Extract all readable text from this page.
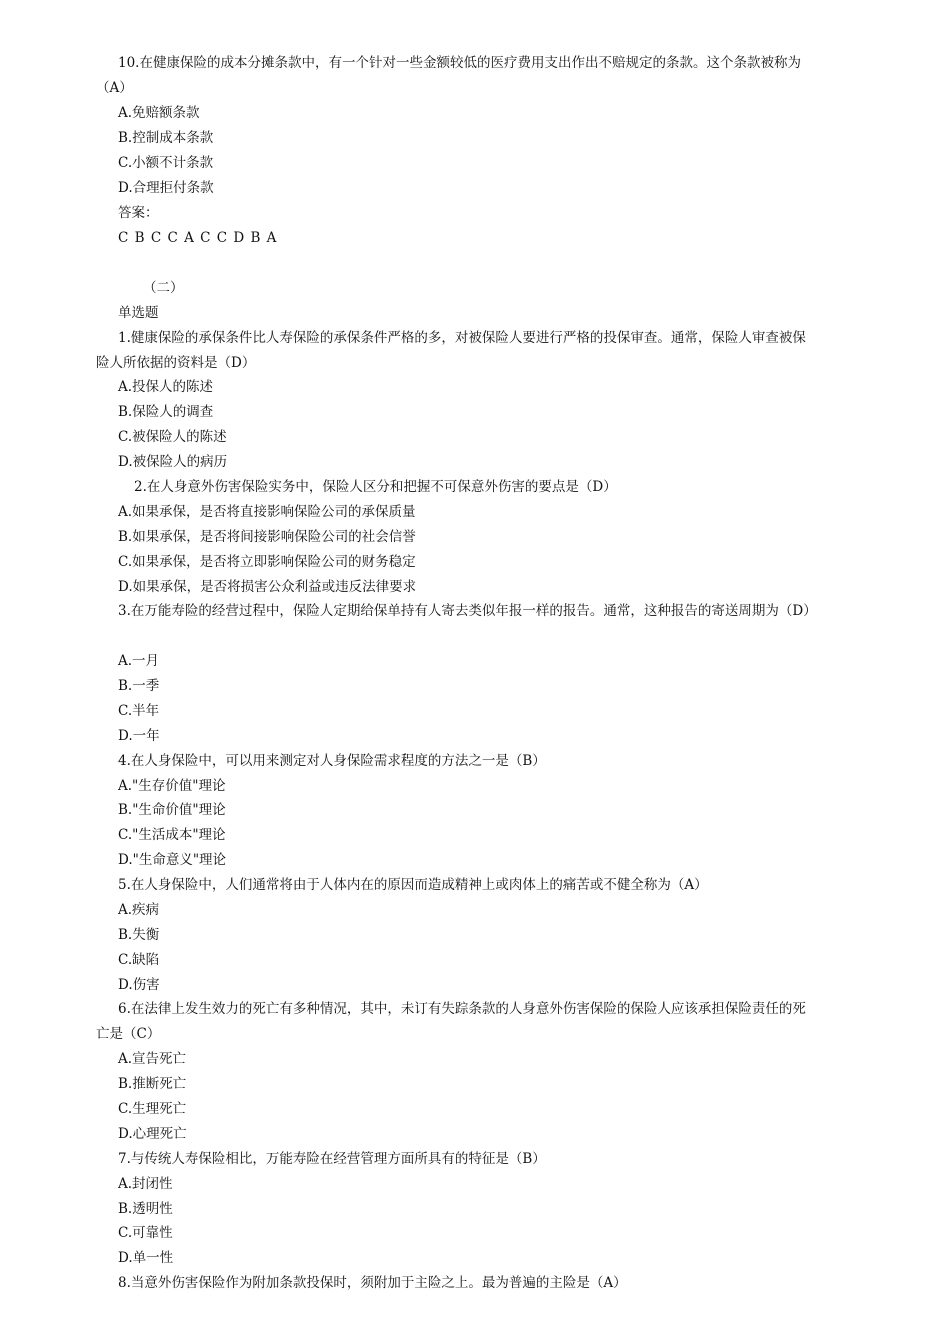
10.在健康保险的成本分摊条款中，有一个针对一些金额较低的医疗费用支出作出不赔规定的条款。这个条款被称为
（A）
A.免赔额条款
B.控制成本条款
C.小额不计条款
D.合理拒付条款
答案：
C B C C A C C D B A
（二）
单选题
1.健康保险的承保条件比人寿保险的承保条件严格的多，对被保险人要进行严格的投保审查。通常，保险人审查被保
险人所依据的资料是（D）
A.投保人的陈述
B.保险人的调查
C.被保险人的陈述
D.被保险人的病历
2.在人身意外伤害保险实务中，保险人区分和把握不可保意外伤害的要点是（D）
A.如果承保，是否将直接影响保险公司的承保质量
B.如果承保，是否将间接影响保险公司的社会信誉
C.如果承保，是否将立即影响保险公司的财务稳定
D.如果承保，是否将损害公众利益或违反法律要求
3.在万能寿险的经营过程中，保险人定期给保单持有人寄去类似年报一样的报告。通常，这种报告的寄送周期为（D）
A.一月
B.一季
C.半年
D.一年
4.在人身保险中，可以用来测定对人身保险需求程度的方法之一是（B）
A."生存价值"理论
B."生命价值"理论
C."生活成本"理论
D."生命意义"理论
5.在人身保险中，人们通常将由于人体内在的原因而造成精神上或肉体上的痛苦或不健全称为（A）
A.疾病
B.失衡
C.缺陷
D.伤害
6.在法律上发生效力的死亡有多种情况，其中，未订有失踪条款的人身意外伤害保险的保险人应该承担保险责任的死
亡是（C）
A.宣告死亡
B.推断死亡
C.生理死亡
D.心理死亡
7.与传统人寿保险相比，万能寿险在经营管理方面所具有的特征是（B）
A.封闭性
B.透明性
C.可靠性
D.单一性
8.当意外伤害保险作为附加条款投保时，须附加于主险之上。最为普遍的主险是（A）
